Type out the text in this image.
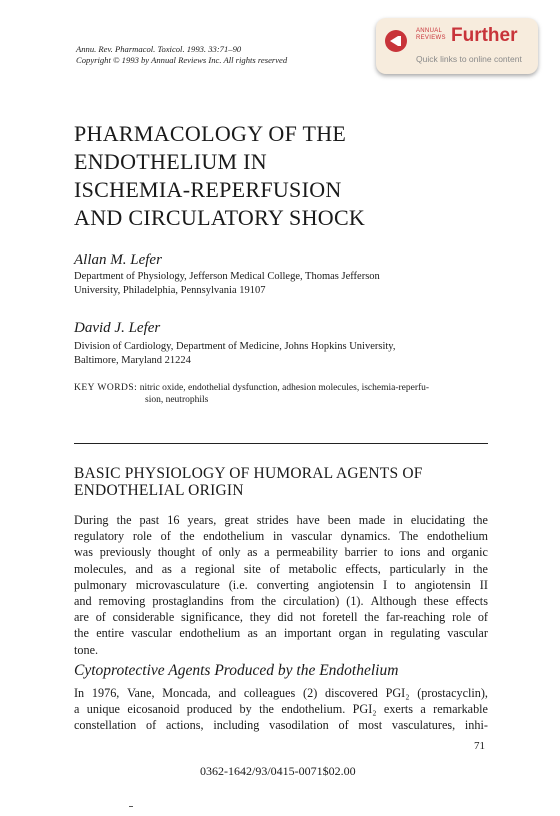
Annu. Rev. Pharmacol. Toxicol. 1993. 33:71–90
Copyright © 1993 by Annual Reviews Inc. All rights reserved
ANNUAL
REVIEWS Further
Quick links to online content
PHARMACOLOGY OF THE
ENDOTHELIUM IN
ISCHEMIA-REPERFUSION
AND CIRCULATORY SHOCK
Allan M. Lefer
Department of Physiology, Jefferson Medical College, Thomas Jefferson
University, Philadelphia, Pennsylvania 19107
David J. Lefer
Division of Cardiology, Department of Medicine, Johns Hopkins University,
Baltimore, Maryland 21224
KEY WORDS: nitric oxide, endothelial dysfunction, adhesion molecules, ischemia-reperfu-
sion, neutrophils
BASIC PHYSIOLOGY OF HUMORAL AGENTS OF
ENDOTHELIAL ORIGIN
During the past 16 years, great strides have been made in elucidating the
regulatory role of the endothelium in vascular dynamics. The endothelium
was previously thought of only as a permeability barrier to ions and organic
molecules, and as a regional site of metabolic effects, particularly in the
pulmonary microvasculature (i.e. converting angiotensin I to angiotensin II
and removing prostaglandins from the circulation) (1). Although these effects
are of considerable significance, they did not foretell the far-reaching role of
the entire vascular endothelium as an important organ in regulating vascular
tone.
Cytoprotective Agents Produced by the Endothelium
In 1976, Vane, Moncada, and colleagues (2) discovered PGI₂ (prostacyclin),
a unique eicosanoid produced by the endothelium. PGI₂ exerts a remarkable
constellation of actions, including vasodilation of most vasculatures, inhi-
71
0362-1642/93/0415-0071$02.00
